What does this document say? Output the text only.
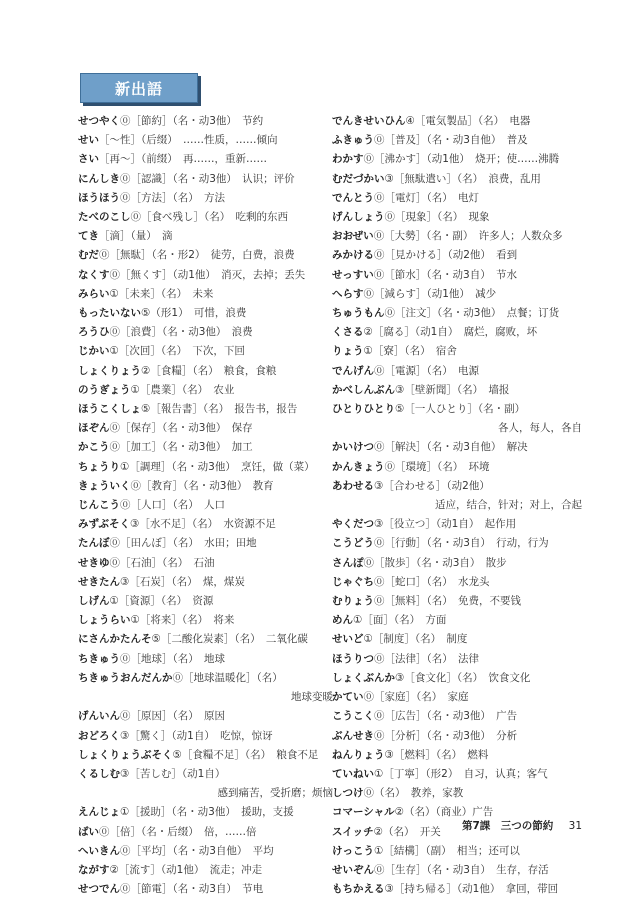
新出語
せつやく⓪［節約］（名・动3他）　节约
せい［～性］（后缀）　……性质，……倾向
さい［再～］（前缀）　再……，重新……
にんしき⓪［認識］（名・动3他）　认识；评价
ほうほう⓪［方法］（名）　方法
たべのこし⓪［食べ残し］（名）　吃剩的东西
てき［滴］（量）　滴
むだ⓪［無駄］（名・形2）　徒劳，白费，浪费
なくす⓪［無くす］（动1他）　消灭，去掉；丢失
みらい①［未来］（名）　未来
もったいない⑤（形1）　可惜，浪费
ろうひ⓪［浪費］（名・动3他）　浪费
じかい①［次回］（名）　下次，下回
しょくりょう②［食糧］（名）　粮食，食粮
のうぎょう①［農業］（名）　农业
ほうこくしょ⑤［報告書］（名）　报告书，报告
ほぞん⓪［保存］（名・动3他）　保存
かこう⓪［加工］（名・动3他）　加工
ちょうり①［調理］（名・动3他）　烹饪，做（菜）
きょういく⓪［教育］（名・动3他）　教育
じんこう⓪［人口］（名）　人口
みずぶそく③［水不足］（名）　水资源不足
たんぼ⓪［田んぼ］（名）　水田；田地
せきゆ⓪［石油］（名）　石油
せきたん③［石炭］（名）　煤，煤炭
しげん①［資源］（名）　资源
しょうらい①［将来］（名）　将来
にさんかたんそ⑤［二酸化炭素］（名）　二氧化碳
ちきゅう⓪［地球］（名）　地球
ちきゅうおんだんか⓪［地球温暖化］（名）
地球变暖
げんいん⓪［原因］（名）　原因
おどろく③［驚く］（动1自）　吃惊，惊讶
しょくりょうぶそく⑤［食糧不足］（名）　粮食不足
くるしむ③［苦しむ］（动1自）
感到痛苦，受折磨；烦恼
えんじょ①［援助］（名・动3他）　援助，支援
ばい⓪［倍］（名・后缀）　倍，……倍
へいきん⓪［平均］（名・动3自他）　平均
ながす②［流す］（动1他）　流走；冲走
せつでん⓪［節電］（名・动3自）　节电
でんきせいひん④［電気製品］（名）　电器
ふきゅう⓪［普及］（名・动3自他）　普及
わかす⓪［沸かす］（动1他）　烧开；使……沸腾
むだづかい③［無駄遣い］（名）　浪费，乱用
でんとう⓪［電灯］（名）　电灯
げんしょう⓪［現象］（名）　现象
おおぜい⓪［大勢］（名・副）　许多人；人数众多
みかける⓪［見かける］（动2他）　看到
せっすい⓪［節水］（名・动3自）　节水
へらす⓪［減らす］（动1他）　减少
ちゅうもん⓪［注文］（名・动3他）　点餐；订货
くさる②［腐る］（动1自）　腐烂，腐败，坏
りょう①［寮］（名）　宿舍
でんげん⓪［電源］（名）　电源
かべしんぶん③［壁新聞］（名）　墙报
ひとりひとり⑤［一人ひとり］（名・副）
各人，每人，各自
かいけつ⓪［解決］（名・动3自他）　解决
かんきょう⓪［環境］（名）　环境
あわせる③［合わせる］（动2他）
适应，结合，针对；对上，合起
やくだつ③［役立つ］（动1自）　起作用
こうどう⓪［行動］（名・动3自）　行动，行为
さんぽ⓪［散歩］（名・动3自）　散步
じゃぐち⓪［蛇口］（名）　水龙头
むりょう⓪［無料］（名）　免费，不要钱
めん①［面］（名）　方面
せいど①［制度］（名）　制度
ほうりつ⓪［法律］（名）　法律
しょくぶんか③［食文化］（名）　饮食文化
かてい⓪［家庭］（名）　家庭
こうこく⓪［広告］（名・动3他）　广告
ぶんせき⓪［分析］（名・动3他）　分析
ねんりょう③［燃料］（名）　燃料
ていねい①［丁寧］（形2）　自习，认真；客气
しつけ⓪（名）　教养，家教
コマーシャル②（名）（商业）广告
スイッチ②（名）　开关
けっこう①［結構］（副）　相当；还可以
せいぞん⓪［生存］（名・动3自）　生存，存活
もちかえる③［持ち帰る］（动1他）　拿回，带回
第7課　三つの節約 31
